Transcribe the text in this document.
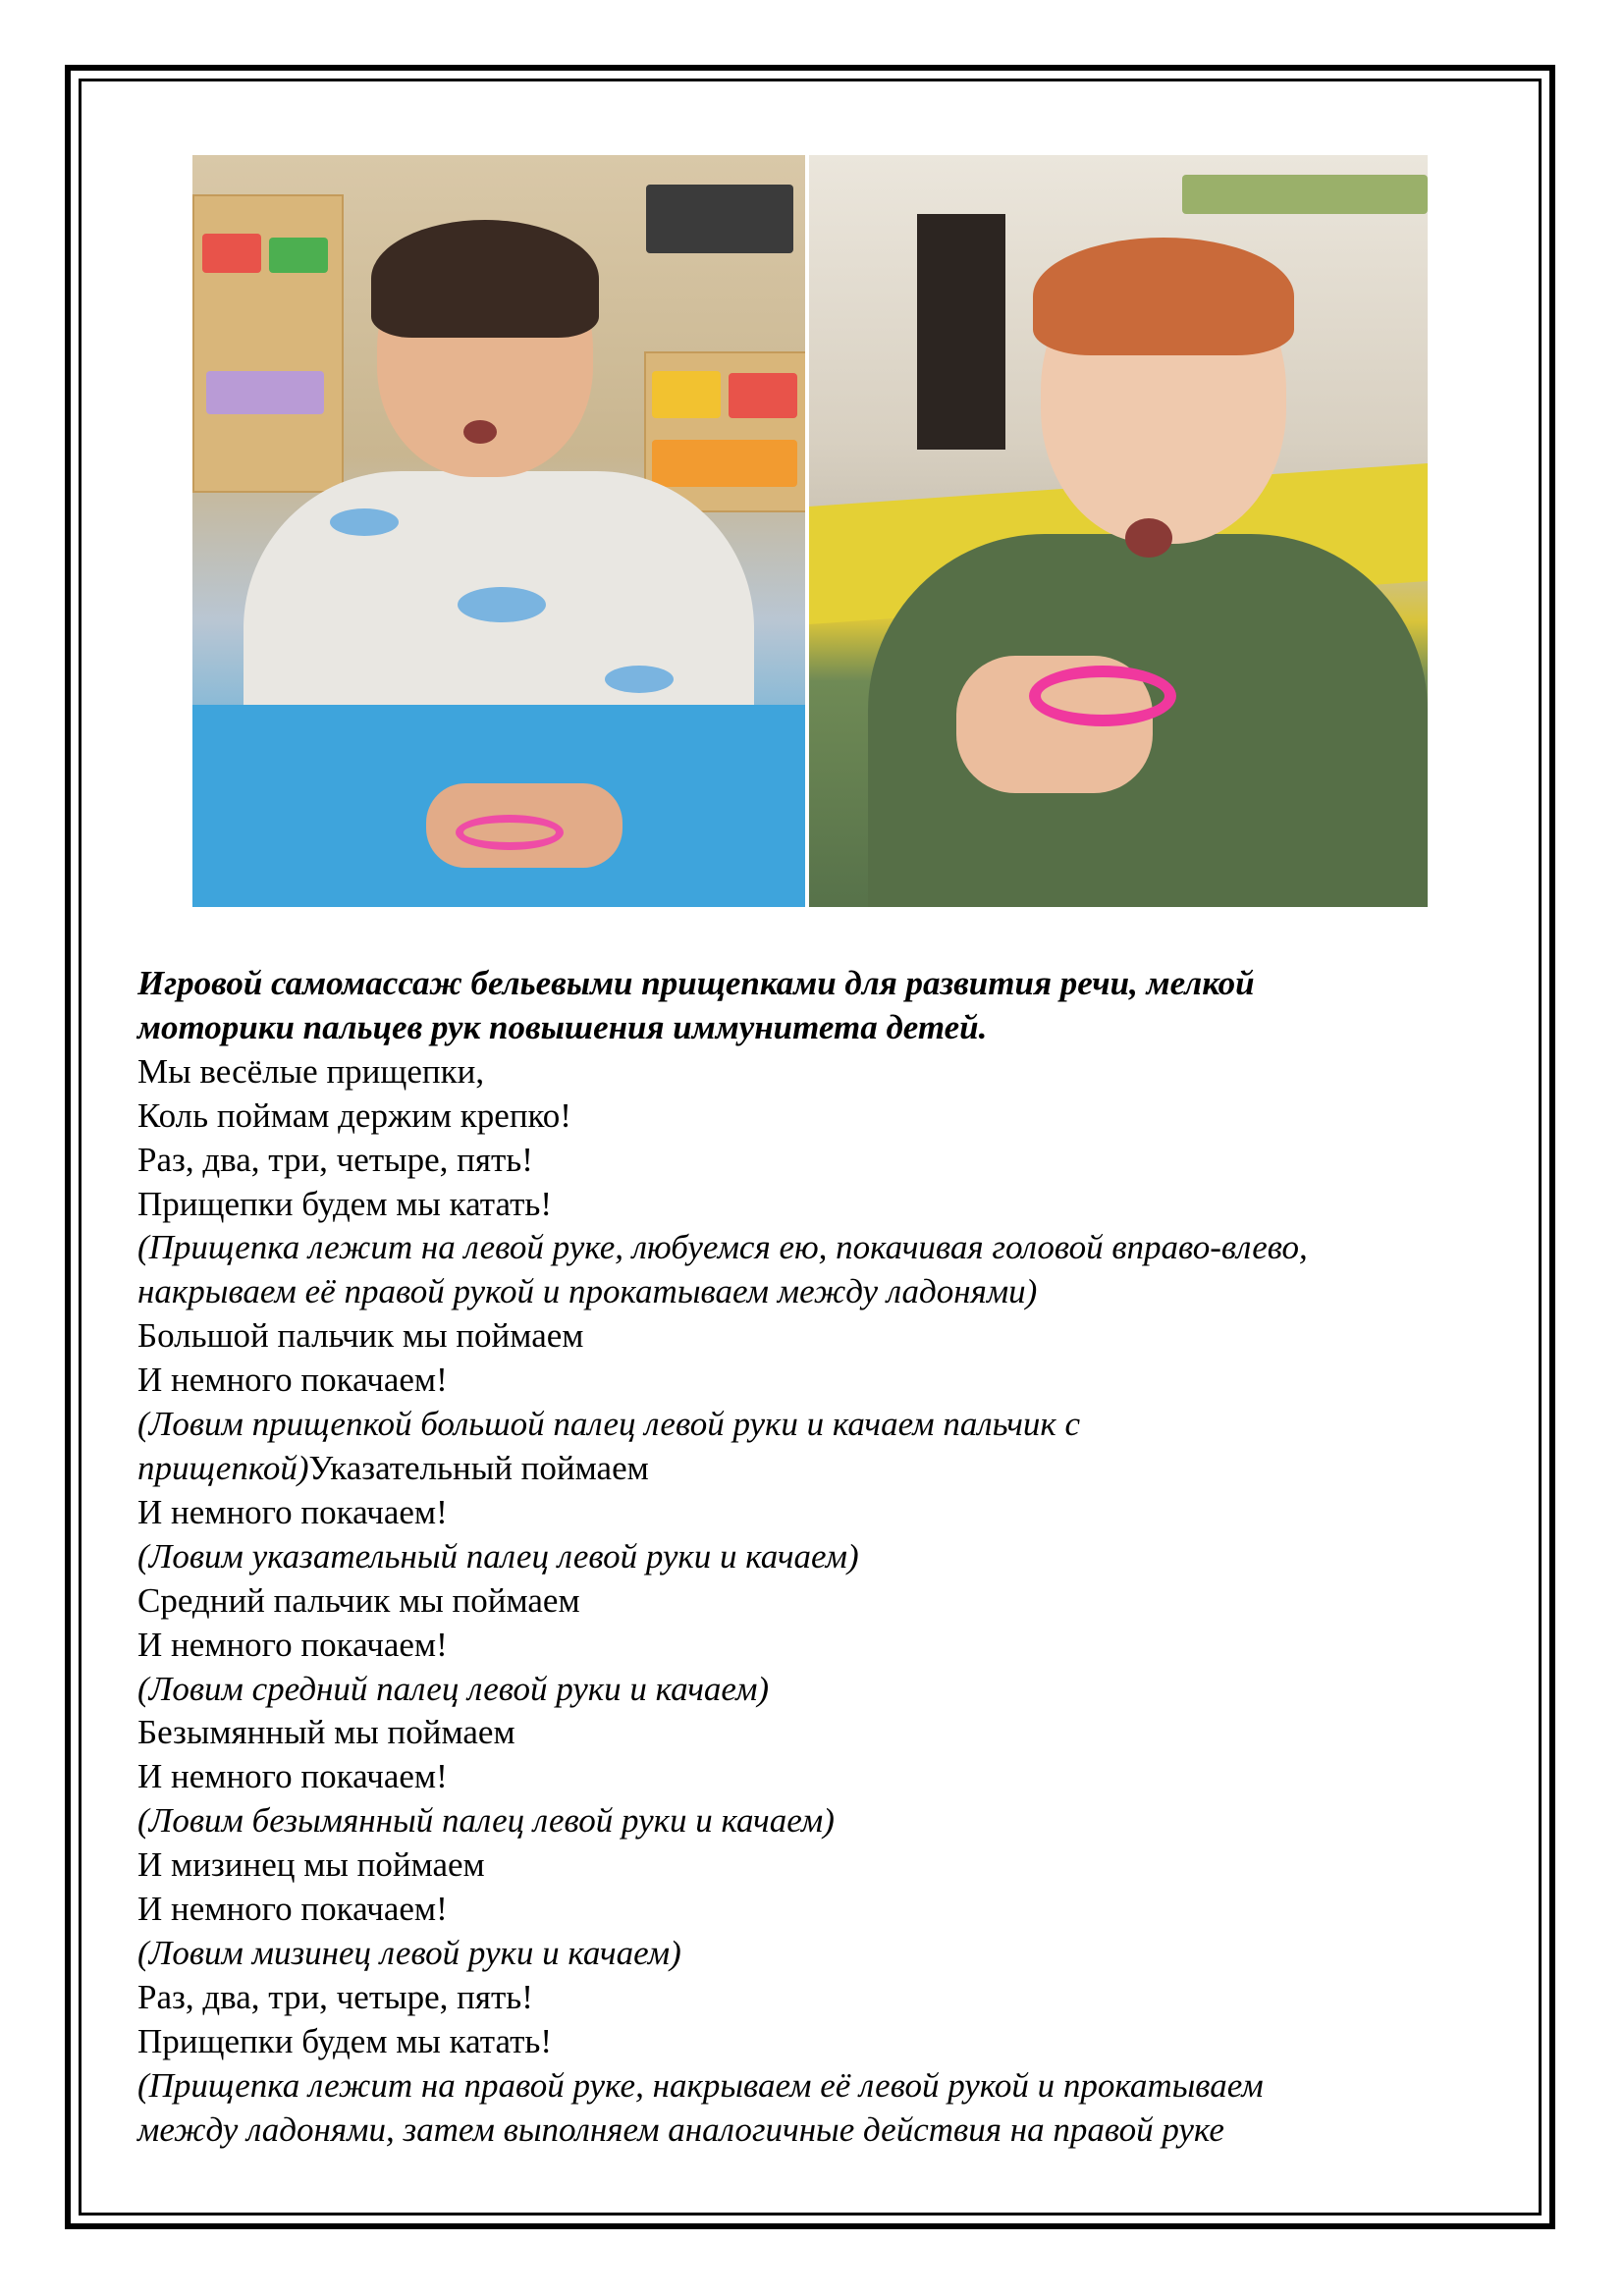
Игровой самомассаж бельевыми прищепками для развития речи, мелкой
моторики пальцев рук повышения иммунитета детей.
Мы весёлые прищепки,
Коль поймам держим крепко!
Раз, два, три, четыре, пять!
Прищепки будем мы катать!
(Прищепка лежит на левой руке, любуемся ею, покачивая головой вправо-влево,
накрываем её правой рукой и прокатываем между ладонями)
Большой пальчик мы поймаем
И немного покачаем!
(Ловим прищепкой большой палец левой руки и качаем пальчик с
прищепкой)Указательный поймаем
И немного покачаем!
(Ловим указательный палец левой руки и качаем)
Средний пальчик мы поймаем
И немного покачаем!
(Ловим средний палец левой руки и качаем)
Безымянный мы поймаем
И немного покачаем!
(Ловим безымянный палец левой руки и качаем)
И мизинец мы поймаем
И немного покачаем!
(Ловим мизинец левой руки и качаем)
Раз, два, три, четыре, пять!
Прищепки будем мы катать!
(Прищепка лежит на правой руке, накрываем её левой рукой и прокатываем
между ладонями, затем выполняем аналогичные действия на правой руке
